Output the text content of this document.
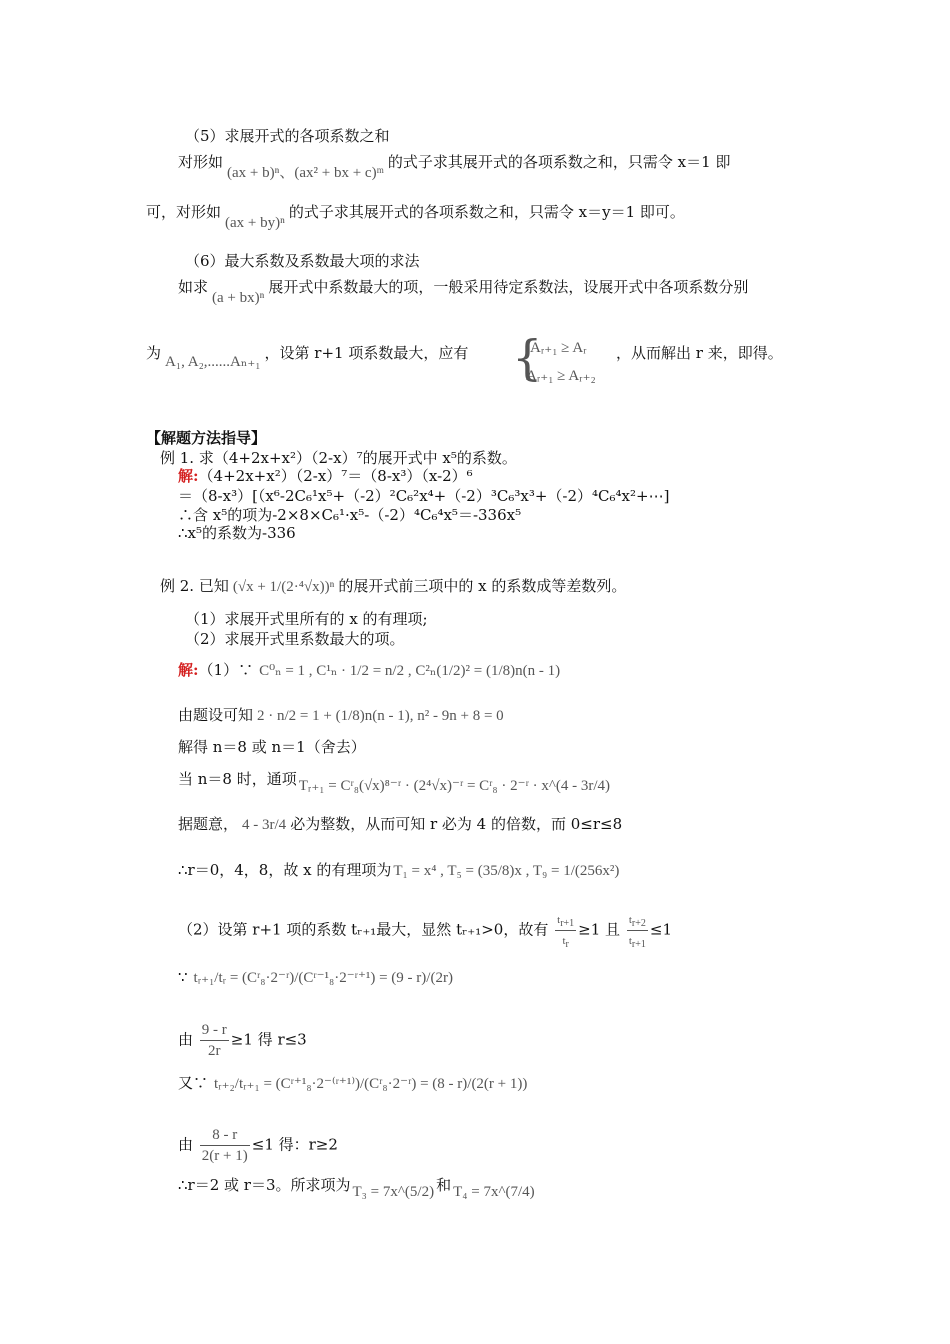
（5）求展开式的各项系数之和
对形如(ax + b)ⁿ、(ax² + bx + c)ᵐ的式子求其展开式的各项系数之和，只需令 x＝1 即
可，对形如(ax + by)ⁿ的式子求其展开式的各项系数之和，只需令 x＝y＝1 即可。
（6）最大系数及系数最大项的求法
如求(a + bx)ⁿ展开式中系数最大的项，一般采用待定系数法，设展开式中各项系数分别
为 A₁, A₂,......Aₙ₊₁ ，设第 r+1 项系数最大，应有 {
Aᵣ₊₁ ≥ Aᵣ
Aᵣ₊₁ ≥ Aᵣ₊₂
，从而解出 r 来，即得。
【解题方法指导】
例 1. 求（4+2x+x²）（2-x）⁷的展开式中 x⁵的系数。
解:（4+2x+x²）（2-x）⁷＝（8-x³）（x-2）⁶
＝（8-x³）[（x⁶-2C₆¹x⁵+（-2）²C₆²x⁴+（-2）³C₆³x³+（-2）⁴C₆⁴x²+⋯]
∴含 x⁵的项为-2×8×C₆¹·x⁵-（-2）⁴C₆⁴x⁵＝-336x⁵
∴x⁵的系数为-336
例 2. 已知 (√x + 1/(2·⁴√x))ⁿ 的展开式前三项中的 x 的系数成等差数列。
（1）求展开式里所有的 x 的有理项;
（2）求展开式里系数最大的项。
解:（1）∵ C⁰ₙ = 1 , C¹ₙ · 1/2 = n/2 , C²ₙ(1/2)² = (1/8)n(n - 1)
由题设可知 2 · n/2 = 1 + (1/8)n(n - 1), n² - 9n + 8 = 0
解得 n＝8 或 n＝1（舍去）
当 n＝8 时，通项 Tᵣ₊₁ = Cʳ₈(√x)⁸⁻ʳ · (2⁴√x)⁻ʳ = Cʳ₈ · 2⁻ʳ · x^(4 - 3r/4)
据题意， 4 - 3r/4 必为整数，从而可知 r 必为 4 的倍数，而 0≤r≤8
∴r＝0，4，8，故 x 的有理项为 T₁ = x⁴ , T₅ = (35/8)x , T₉ = 1/(256x²)
（2）设第 r+1 项的系数 tᵣ₊₁最大，显然 tᵣ₊₁>0，故有 $\frac{t_{r+1}}{t_r} \ge 1$ 且 $\frac{t_{r+2}}{t_{r+1}} \le 1$
∵ tᵣ₊₁/tᵣ = (Cʳ₈·2⁻ʳ)/(Cʳ⁻¹₈·2⁻ʳ⁺¹) = (9 - r)/(2r)
由 $\frac{9 - r}{2r} \ge 1$ 得 r≤3
又∵ tᵣ₊₂/tᵣ₊₁ = (Cʳ⁺¹₈·2⁻⁽ʳ⁺¹⁾)/(Cʳ₈·2⁻ʳ) = (8 - r)/(2(r + 1))
由 $\frac{8 - r}{2(r + 1)} \le 1$ 得：r≥2
∴r＝2 或 r＝3。所求项为 T₃ = 7x^(5/2) 和 T₄ = 7x^(7/4)
